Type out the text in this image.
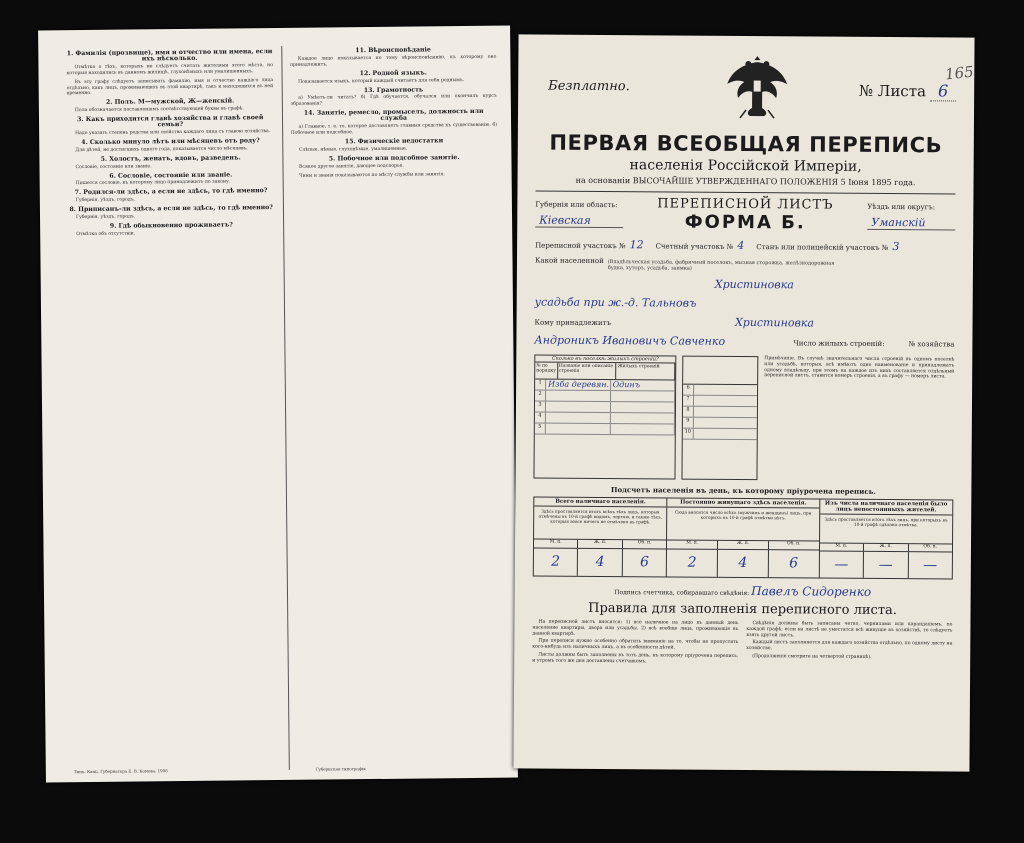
1. Фамилія (прозвище), имя и отчество или имена, если ихъ нѣсколько.

Отмѣтка о тѣхъ, которыхъ не слѣдуетъ считать жителями этого мѣста, но которыя находились въ данномъ жилищѣ, глухонѣмыхъ или умалишенныхъ.

Въ эту графу слѣдуетъ записывать фамилію, имя и отчество каждаго лица отдѣльно, какъ лицъ, проживающихъ въ этой квартирѣ, такъ и находящихся въ ней временно.

2. Полъ. М—мужской, Ж—женскій.

Пола обозначается поставленіемъ соотвѣтствующей буквы въ графѣ.

3. Какъ приходится главѣ хозяйства и главѣ своей семьи?

Надо указать степень родства или свойства каждаго лица съ главою хозяйства.

4. Сколько минуло лѣтъ или мѣсяцевъ отъ роду?

Для дѣтей, не достигшихъ одного года, показывается число мѣсяцевъ.

5. Холостъ, женатъ, вдовъ, разведенъ.

Сословіе, состояніе или званіе.

6. Сословіе, состояніе или званіе.

Пишется сословіе, къ которому лицо принадлежитъ по закону.

7. Родился-ли здѣсь, а если не здѣсь, то гдѣ именно?

Губернія, уѣздъ, городъ.

8. Приписанъ-ли здѣсь, а если не здѣсь, то гдѣ именно?

Губернія, уѣздъ, городъ.

9. Гдѣ обыкновенно проживаетъ?

Отмѣтка объ отсутствіи.

11. Вѣроисповѣданіе

Каждое лицо показывается по тому вѣроисповѣданію, къ которому оно принадлежитъ.

12. Родной языкъ.

Показывается языкъ, который каждый считаетъ для себя роднымъ.

13. Грамотность

а) Умѣетъ-ли читать? б) Гдѣ обучается, обучался или окончилъ курсъ образованія?

14. Занятіе, ремесло, промыселъ, должность или служба

а) Главное, т. е. то, которое доставляетъ главныя средства къ существованію. б) Побочное или подсобное.

15. Физическіе недостатки

Слѣпые, нѣмые, глухонѣмые, умалишенные.

5. Побочное или подсобное занятіе.

Всякое другое занятіе, дающее подспорье.

Чины и званія показываются по мѣсту службы или занятія.

Типъ. Канц. Губернатора Е. В. Комова, 1906	Губернская типографія
Безплатно.	№ Листа 6
ПЕРВАЯ ВСЕОБЩАЯ ПЕРЕПИСЬ
населенія Россійской Имперіи,
на основаніи ВЫСОЧАЙШЕ УТВЕРЖДЕННАГО ПОЛОЖЕНІЯ 5 Іюня 1895 года.
Губернія или область:
Кіевская
ПЕРЕПИСНОЙ ЛИСТЪ
ФОРМА Б.
Уѣздъ или округъ:
Уманскій
Переписной участокъ № 12 Счетный участокъ № 4 Станъ или полицейскій участокъ № 3
Какой населенной (Владѣльческая усадьба, фабричный поселокъ, мызная сторожка, желѣзнодорожная будка, хуторъ, усадьба, заимка)
Христиновка
усадьба при ж.-д. Тальновъ
Кому принадлежитъ	Христиновка
Андроникъ Ивановичъ Савченко	Число жилыхъ строеній:	№ хозяйства
Сколько въ поселкѣ жилыхъ строеній?
№ по порядку
Названіе или описаніе строенія
Жилыхъ строеній
1 Изба деревян. Одинъ
2
3
4
5
6
7
8
9
10
Примѣчаніе. Въ случаѣ значительнаго числа строеній въ одномъ поселкѣ или усадьбѣ, которыя, всѣ имѣютъ одно наименованіе и принадлежатъ одному владѣльцу, при этомъ на каждое изъ нихъ составляется отдѣльный переписной листъ, ставится номеръ строенія, а въ графу — номеръ листа.
Подсчетъ населенія въ день, къ которому пріурочена перепись.
Всего наличнаго населенія.
Здѣсь проставляется итогъ всѣхъ тѣхъ лицъ, которыя отмѣчены въ 10-й графѣ видомъ, чертою, и также тѣхъ, которыя вовсе ничего не отмѣчено въ графѣ.
М. п.	Ж. п.	Об. п.
2	4	6
Постоянно живущаго здѣсь населенія.
Сюда вносится число всѣхъ (мужчинъ и женщинъ) лицъ, при которыхъ въ 10-й графѣ отмѣтки нѣтъ.
М. п.	Ж. п.	Об. п.
2	4	6
Изъ числа наличнаго населенія было лицъ непостоянныхъ жителей.
Здѣсь проставляется итогъ тѣхъ лицъ, при которыхъ въ 10-й графѣ сдѣлана отмѣтка.
М. п.	Ж. п.	Об. п.
—	—	—
Подпись счетчика, собиравшаго свѣдѣнія: Павелъ Сидоренко
Правила для заполненія переписного листа.

На переписной листъ вносятся: 1) все наличное на лицо въ данный день население квартиры, двора или усадьбы, 2) всѣ вообще лица, проживающія въ данной квартирѣ.

При переписи нужно особенно обратить вниманіе на то, чтобы не пропустить кого-нибудь изъ наличныхъ лицъ, а въ особенности дѣтей.

Листы должны быть заполнены въ тотъ день, къ которому пріурочена перепись, и утромъ того же дня доставлены счетчикомъ.

Свѣдѣнія должны быть записаны четко, чернилами или карандашемъ, по каждой графѣ; если на листѣ не уместятся всѣ живущіе въ хозяйствѣ, то слѣдуетъ взять другой листъ.

Каждый листъ заполняется для каждаго хозяйства отдѣльно, по одному листу на хозяйство.

(Продолженіе смотрите на четвертой страницѣ).

165
